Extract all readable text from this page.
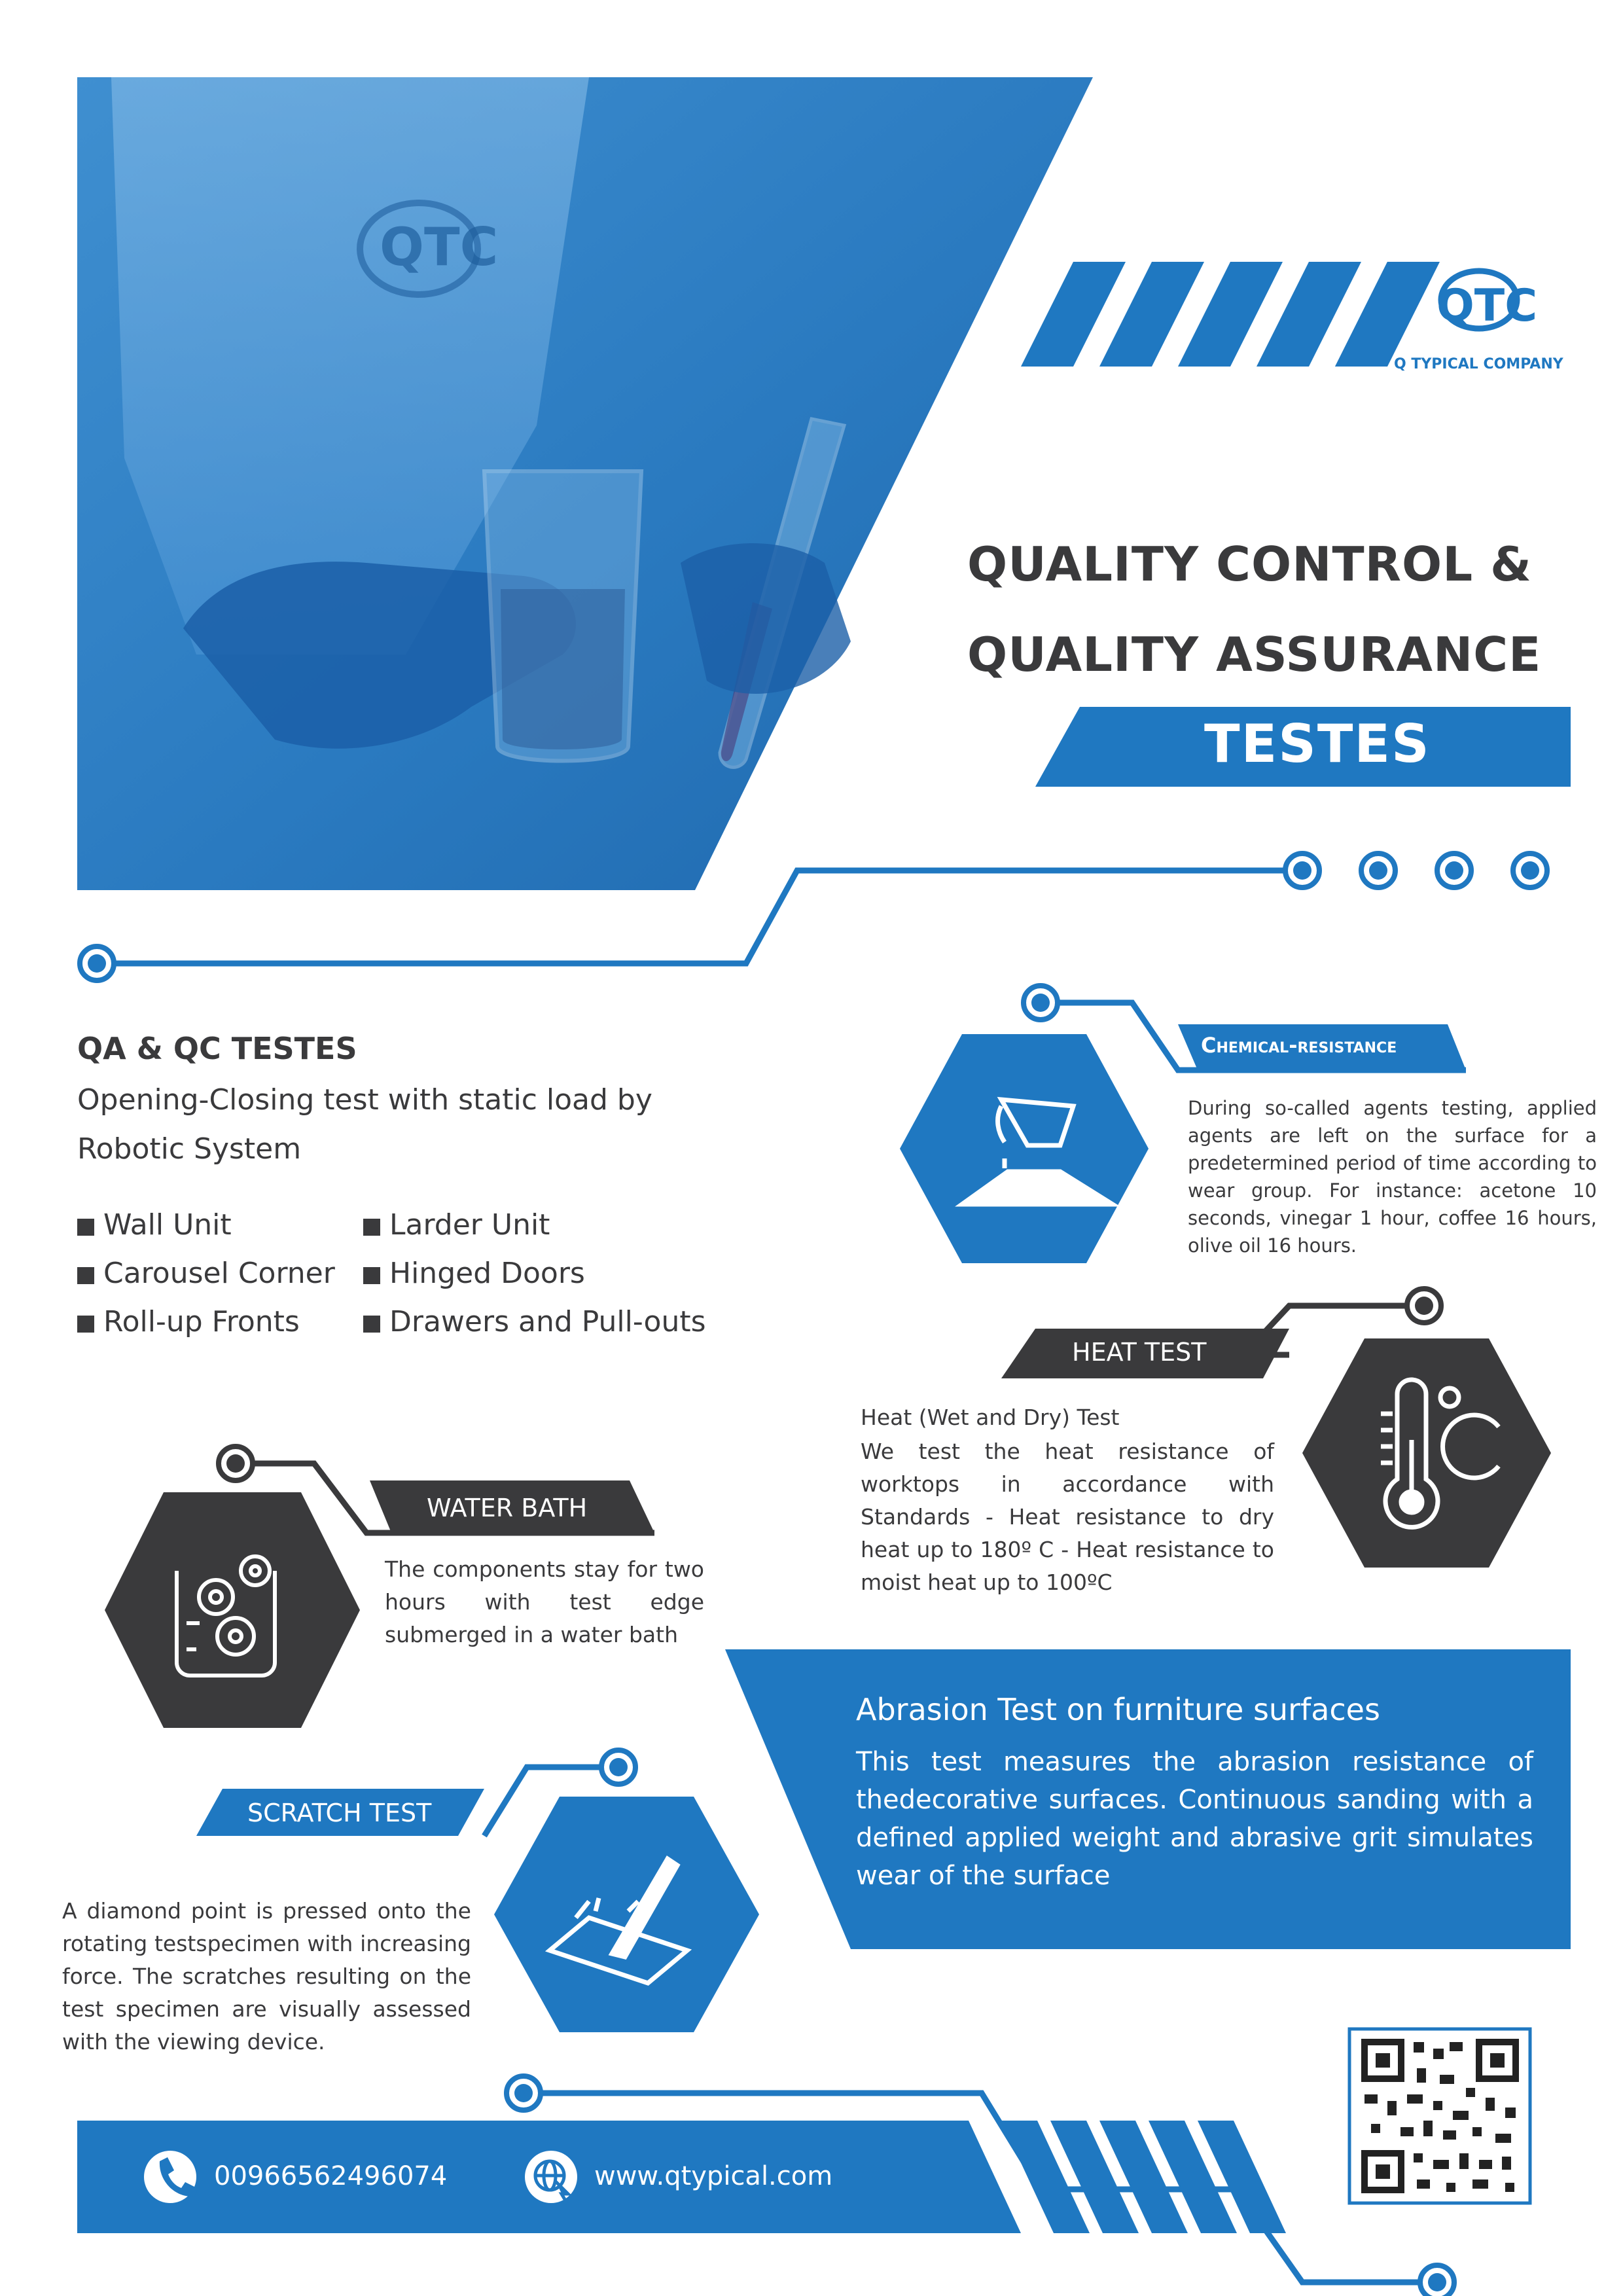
QTC
QTC
Q TYPICAL COMPANY
QUALITY CONTROL &
QUALITY ASSURANCE
TESTES
QA & QC TESTES
Opening-Closing test with static load by
Robotic System
Wall Unit	Larder Unit
Carousel Corner	Hinged Doors
Roll-up Fronts	Drawers and Pull-outs
Chemical-resistance
During so-called agents testing, applied agents are left on the surface for a predetermined period of time according to wear group. For instance: acetone 10 seconds, vinegar 1 hour, coffee 16 hours, olive oil 16 hours.
HEAT TEST
Heat (Wet and Dry) Test
We test the heat resistance of worktops in accordance with Standards - Heat resistance to dry heat up to 180º C - Heat resistance to moist heat up to 100ºC
WATER BATH
The components stay for two hours with test edge submerged in a water bath
Abrasion Test on furniture surfaces
This test measures the abrasion resistance of thedecorative surfaces. Continuous sanding with a defined applied weight and abrasive grit simulates wear of the surface
SCRATCH TEST
A diamond point is pressed onto the rotating testspecimen with increasing force. The scratches resulting on the test specimen are visually assessed with the viewing device.
00966562496074	www.qtypical.com
